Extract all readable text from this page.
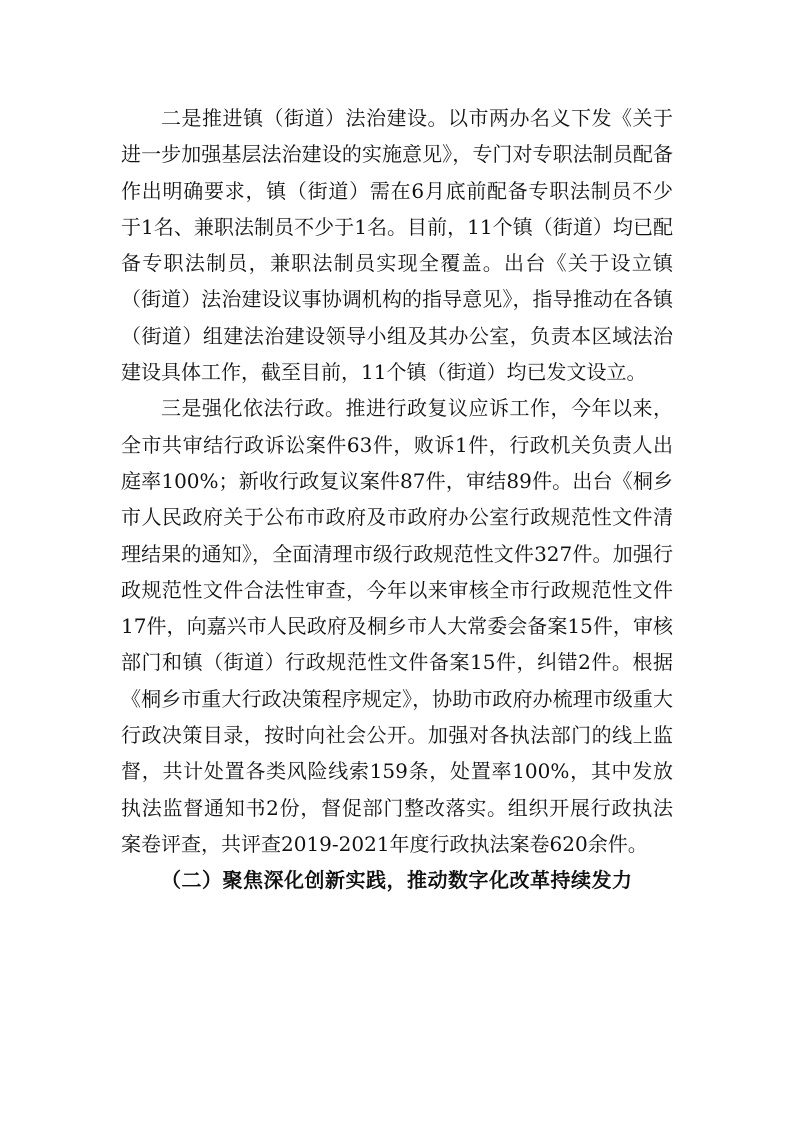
二是推进镇（街道）法治建设。以市两办名义下发《关于进一步加强基层法治建设的实施意见》，专门对专职法制员配备作出明确要求，镇（街道）需在6月底前配备专职法制员不少于1名、兼职法制员不少于1名。目前，11个镇（街道）均已配备专职法制员，兼职法制员实现全覆盖。出台《关于设立镇（街道）法治建设议事协调机构的指导意见》，指导推动在各镇（街道）组建法治建设领导小组及其办公室，负责本区域法治建设具体工作，截至目前，11个镇（街道）均已发文设立。

三是强化依法行政。推进行政复议应诉工作，今年以来，全市共审结行政诉讼案件63件，败诉1件，行政机关负责人出庭率100%；新收行政复议案件87件，审结89件。出台《桐乡市人民政府关于公布市政府及市政府办公室行政规范性文件清理结果的通知》，全面清理市级行政规范性文件327件。加强行政规范性文件合法性审查，今年以来审核全市行政规范性文件17件，向嘉兴市人民政府及桐乡市人大常委会备案15件，审核部门和镇（街道）行政规范性文件备案15件，纠错2件。根据《桐乡市重大行政决策程序规定》，协助市政府办梳理市级重大行政决策目录，按时向社会公开。加强对各执法部门的线上监督，共计处置各类风险线索159条，处置率100%，其中发放执法监督通知书2份，督促部门整改落实。组织开展行政执法案卷评查，共评查2019-2021年度行政执法案卷620余件。

（二）聚焦深化创新实践，推动数字化改革持续发力
